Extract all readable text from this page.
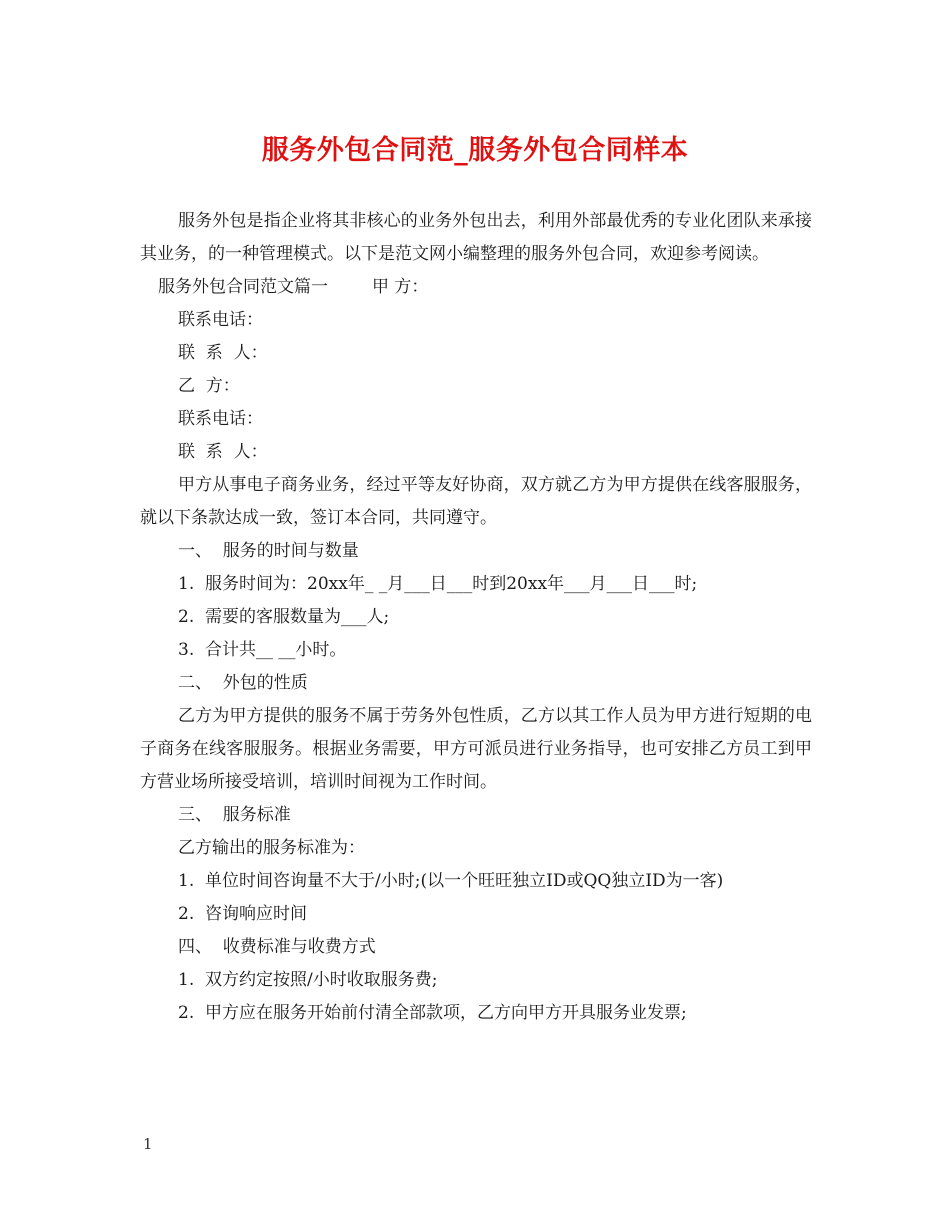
服务外包合同范_服务外包合同样本

服务外包是指企业将其非核心的业务外包出去，利用外部最优秀的专业化团队来承接其业务，的一种管理模式。以下是范文网小编整理的服务外包合同，欢迎参考阅读。

服务外包合同范文篇一	甲 方：

联系电话：

联  系  人：

乙  方：

联系电话：

联  系  人：

甲方从事电子商务业务，经过平等友好协商，双方就乙方为甲方提供在线客服服务，就以下条款达成一致，签订本合同，共同遵守。

一、  服务的时间与数量

1.  服务时间为：20xx年_ _月___日___时到20xx年___月___日___时;

2.  需要的客服数量为___人;

3.  合计共__ __小时。

二、  外包的性质

乙方为甲方提供的服务不属于劳务外包性质，乙方以其工作人员为甲方进行短期的电子商务在线客服服务。根据业务需要，甲方可派员进行业务指导，也可安排乙方员工到甲方营业场所接受培训，培训时间视为工作时间。

三、  服务标准

乙方输出的服务标准为：

1.  单位时间咨询量不大于/小时;(以一个旺旺独立ID或QQ独立ID为一客)

2.  咨询响应时间

四、  收费标准与收费方式

1.  双方约定按照/小时收取服务费;

2.  甲方应在服务开始前付清全部款项，乙方向甲方开具服务业发票;

1
